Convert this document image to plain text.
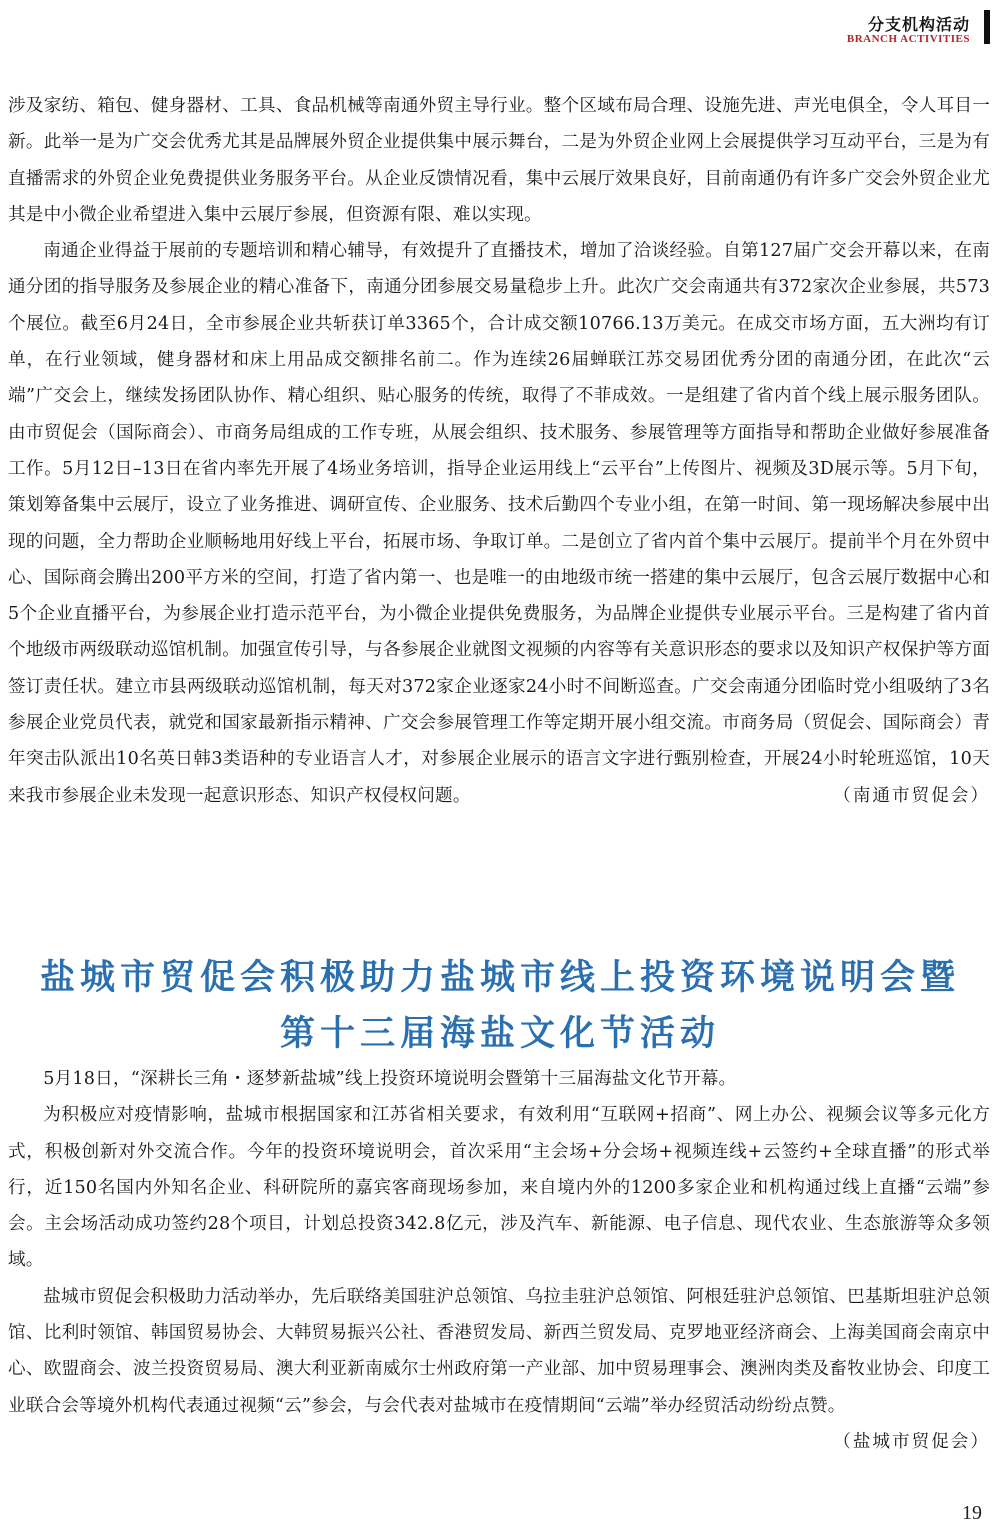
分支机构活动
BRANCH ACTIVITIES

涉及家纺、箱包、健身器材、工具、食品机械等南通外贸主导行业。整个区域布局合理、设施先进、声光电俱全，令人耳目一新。此举一是为广交会优秀尤其是品牌展外贸企业提供集中展示舞台，二是为外贸企业网上会展提供学习互动平台，三是为有直播需求的外贸企业免费提供业务服务平台。从企业反馈情况看，集中云展厅效果良好，目前南通仍有许多广交会外贸企业尤其是中小微企业希望进入集中云展厅参展，但资源有限、难以实现。

南通企业得益于展前的专题培训和精心辅导，有效提升了直播技术，增加了洽谈经验。自第127届广交会开幕以来，在南通分团的指导服务及参展企业的精心准备下，南通分团参展交易量稳步上升。此次广交会南通共有372家次企业参展，共573个展位。截至6月24日，全市参展企业共斩获订单3365个，合计成交额10766.13万美元。在成交市场方面，五大洲均有订单，在行业领域，健身器材和床上用品成交额排名前二。作为连续26届蝉联江苏交易团优秀分团的南通分团，在此次“云端”广交会上，继续发扬团队协作、精心组织、贴心服务的传统，取得了不菲成效。一是组建了省内首个线上展示服务团队。由市贸促会（国际商会）、市商务局组成的工作专班，从展会组织、技术服务、参展管理等方面指导和帮助企业做好参展准备工作。5月12日–13日在省内率先开展了4场业务培训，指导企业运用线上“云平台”上传图片、视频及3D展示等。5月下旬，策划筹备集中云展厅，设立了业务推进、调研宣传、企业服务、技术后勤四个专业小组，在第一时间、第一现场解决参展中出现的问题，全力帮助企业顺畅地用好线上平台，拓展市场、争取订单。二是创立了省内首个集中云展厅。提前半个月在外贸中心、国际商会腾出200平方米的空间，打造了省内第一、也是唯一的由地级市统一搭建的集中云展厅，包含云展厅数据中心和5个企业直播平台，为参展企业打造示范平台，为小微企业提供免费服务，为品牌企业提供专业展示平台。三是构建了省内首个地级市两级联动巡馆机制。加强宣传引导，与各参展企业就图文视频的内容等有关意识形态的要求以及知识产权保护等方面签订责任状。建立市县两级联动巡馆机制，每天对372家企业逐家24小时不间断巡查。广交会南通分团临时党小组吸纳了3名参展企业党员代表，就党和国家最新指示精神、广交会参展管理工作等定期开展小组交流。市商务局（贸促会、国际商会）青年突击队派出10名英日韩3类语种的专业语言人才，对参展企业展示的语言文字进行甄别检查，开展24小时轮班巡馆，10天来我市参展企业未发现一起意识形态、知识产权侵权问题。	（南通市贸促会）

盐城市贸促会积极助力盐城市线上投资环境说明会暨
第十三届海盐文化节活动

5月18日，“深耕长三角・逐梦新盐城”线上投资环境说明会暨第十三届海盐文化节开幕。

为积极应对疫情影响，盐城市根据国家和江苏省相关要求，有效利用“互联网+招商”、网上办公、视频会议等多元化方式，积极创新对外交流合作。今年的投资环境说明会，首次采用“主会场+分会场+视频连线+云签约+全球直播”的形式举行，近150名国内外知名企业、科研院所的嘉宾客商现场参加，来自境内外的1200多家企业和机构通过线上直播“云端”参会。主会场活动成功签约28个项目，计划总投资342.8亿元，涉及汽车、新能源、电子信息、现代农业、生态旅游等众多领域。

盐城市贸促会积极助力活动举办，先后联络美国驻沪总领馆、乌拉圭驻沪总领馆、阿根廷驻沪总领馆、巴基斯坦驻沪总领馆、比利时领馆、韩国贸易协会、大韩贸易振兴公社、香港贸发局、新西兰贸发局、克罗地亚经济商会、上海美国商会南京中心、欧盟商会、波兰投资贸易局、澳大利亚新南威尔士州政府第一产业部、加中贸易理事会、澳洲肉类及畜牧业协会、印度工业联合会等境外机构代表通过视频“云”参会，与会代表对盐城市在疫情期间“云端”举办经贸活动纷纷点赞。
（盐城市贸促会）

19
